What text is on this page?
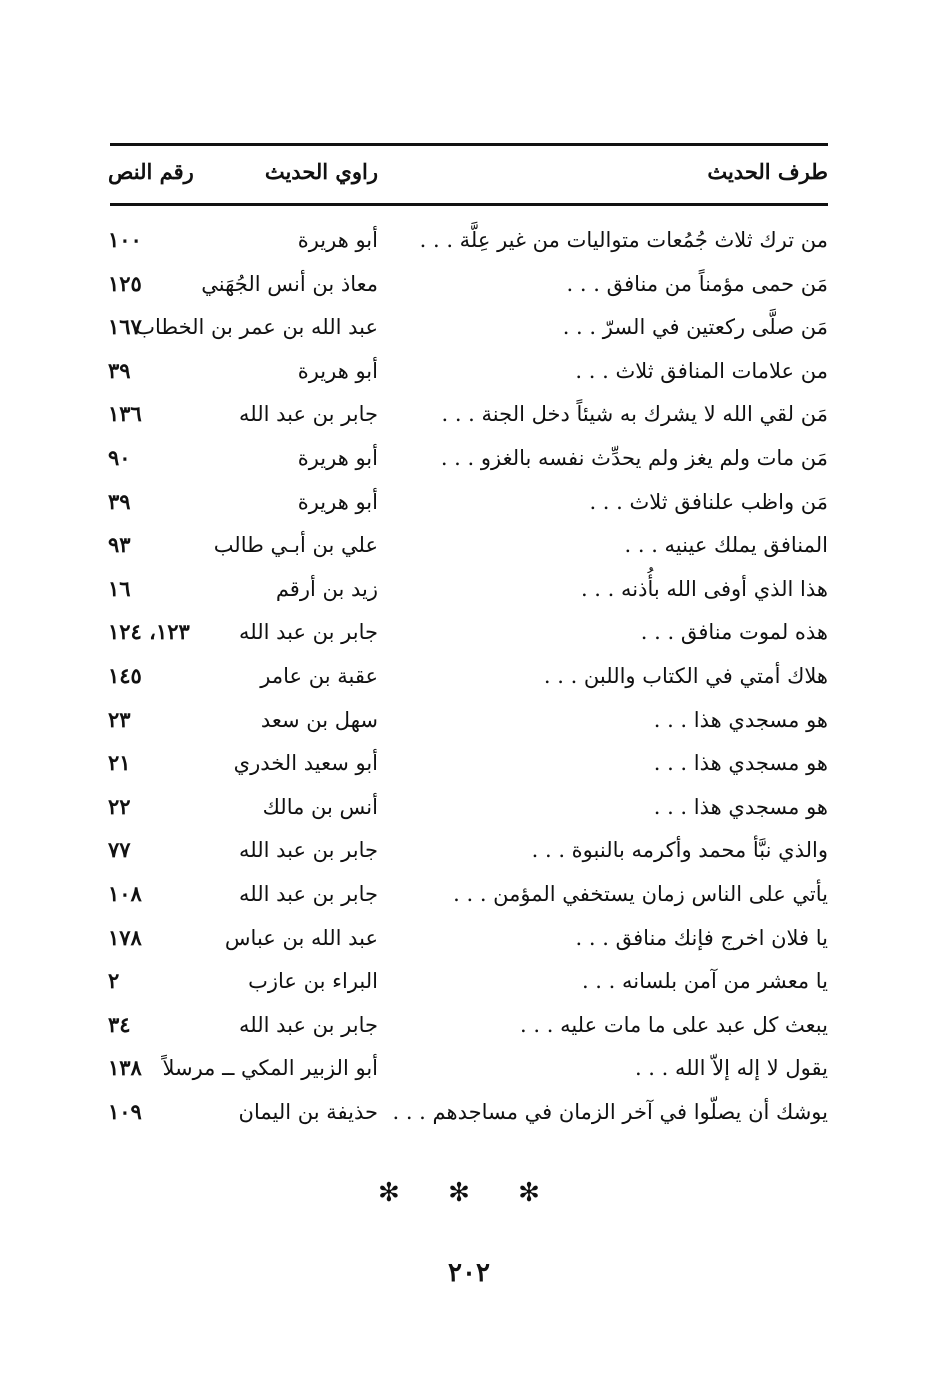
طرف الحديث
راوي الحديث
رقم النص
من ترك ثلاث جُمُعات متواليات من غير عِلَّة . . .
أبو هريرة
١٠٠
مَن حمى مؤمناً من منافق . . .
معاذ بن أنس الجُهَني
١٢٥
مَن صلَّى ركعتين في السرّ . . .
عبد الله بن عمر بن الخطاب
١٦٧
من علامات المنافق ثلاث . . .
أبو هريرة
٣٩
مَن لقي الله لا يشرك به شيئاً دخل الجنة . . .
جابر بن عبد الله
١٣٦
مَن مات ولم يغز ولم يحدِّث نفسه بالغزو . . .
أبو هريرة
٩٠
مَن واظب علنافق ثلاث . . .
أبو هريرة
٣٩
المنافق يملك عينيه . . .
علي بن أبـي طالب
٩٣
هذا الذي أوفى الله بأُذنه . . .
زيد بن أرقم
١٦
هذه لموت منافق . . .
جابر بن عبد الله
١٢٣، ١٢٤
هلاك أمتي في الكتاب واللبن . . .
عقبة بن عامر
١٤٥
هو مسجدي هذا . . .
سهل بن سعد
٢٣
هو مسجدي هذا . . .
أبو سعيد الخدري
٢١
هو مسجدي هذا . . .
أنس بن مالك
٢٢
والذي نبَّأ محمد وأكرمه بالنبوة . . .
جابر بن عبد الله
٧٧
يأتي على الناس زمان يستخفي المؤمن . . .
جابر بن عبد الله
١٠٨
يا فلان اخرج فإنك منافق . . .
عبد الله بن عباس
١٧٨
يا معشر من آمن بلسانه . . .
البراء بن عازب
٢
يبعث كل عبد على ما مات عليه . . .
جابر بن عبد الله
٣٤
يقول لا إله إلاّ الله . . .
أبو الزبير المكي ــ مرسلاً
١٣٨
يوشك أن يصلّوا في آخر الزمان في مساجدهم . . .
حذيفة بن اليمان
١٠٩
✻ ✻ ✻
٢٠٢
